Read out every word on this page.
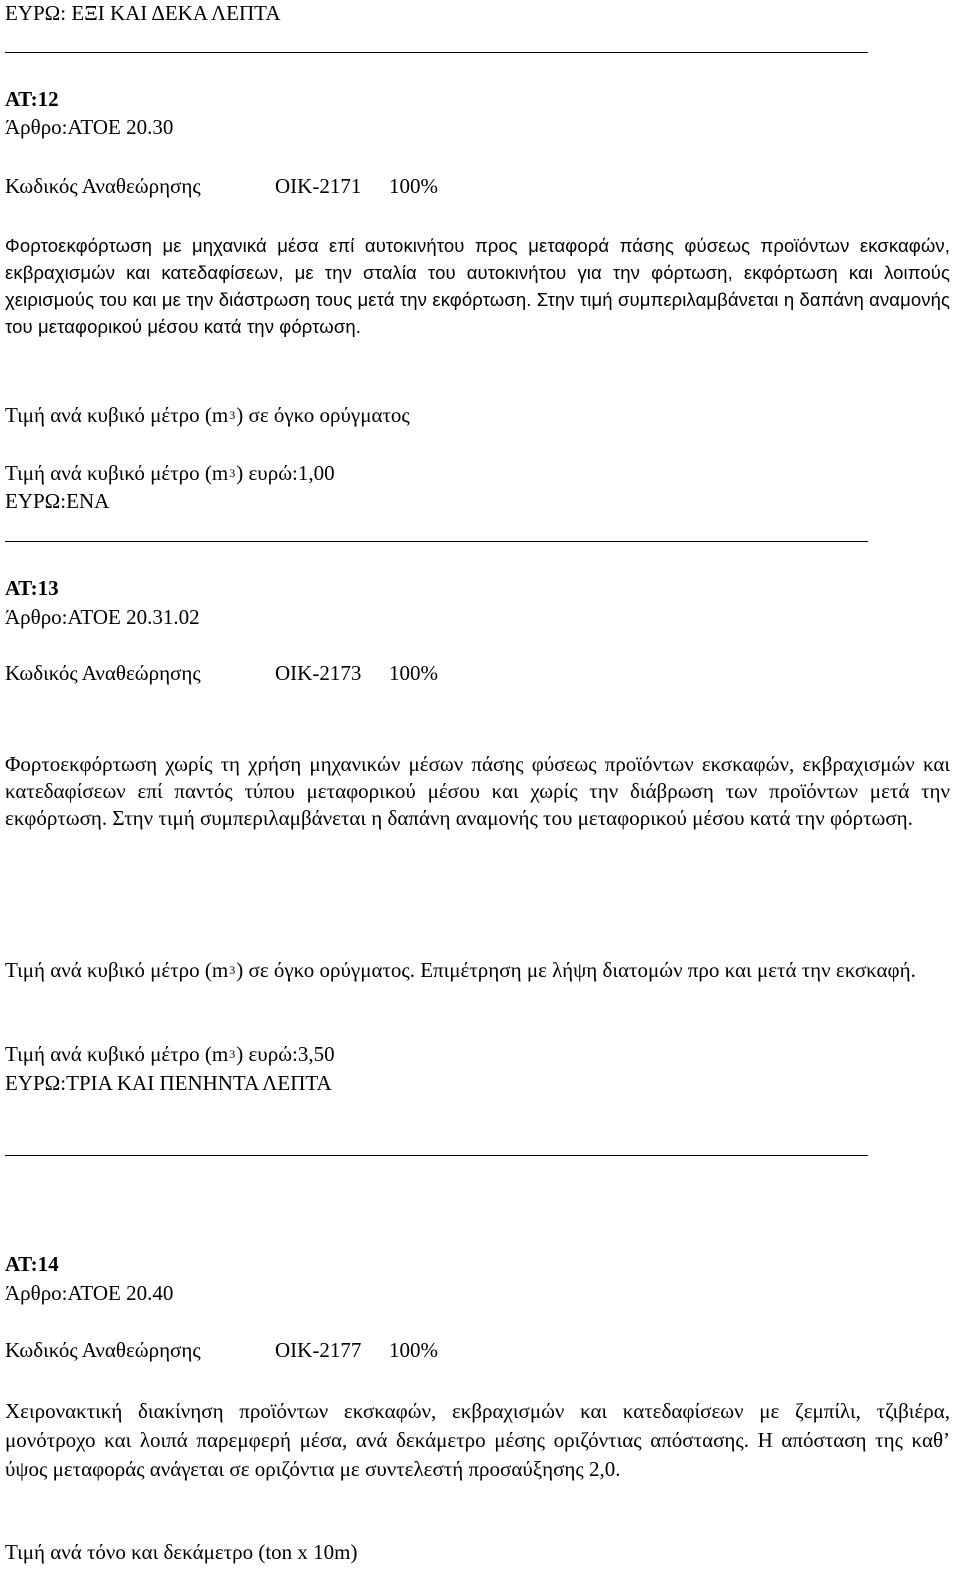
ΕΥΡΩ: ΕΞΙ ΚΑΙ ΔΕΚΑ ΛΕΠΤΑ
ΑΤ:12
Άρθρο:ΑΤΟΕ 20.30
Κωδικός Αναθεώρησης	ΟΙΚ-2171 100%
Φορτοεκφόρτωση με μηχανικά μέσα επί αυτοκινήτου προς μεταφορά πάσης φύσεως προϊόντων εκσκαφών, εκβραχισμών και κατεδαφίσεων, με την σταλία του αυτοκινήτου για την φόρτωση, εκφόρτωση και λοιπούς χειρισμούς του και με την διάστρωση τους μετά την εκφόρτωση. Στην τιμή συμπεριλαμβάνεται η δαπάνη αναμονής του μεταφορικού μέσου κατά την φόρτωση.
Τιμή ανά κυβικό μέτρο $(m^3)$ σε όγκο ορύγματος
Τιμή ανά κυβικό μέτρο $(m^3)$ ευρώ:1,00
ΕΥΡΩ:ΕΝΑ
ΑΤ:13
Άρθρο:ΑΤΟΕ 20.31.02
Κωδικός Αναθεώρησης	ΟΙΚ-2173 100%
Φορτοεκφόρτωση χωρίς τη χρήση μηχανικών μέσων πάσης φύσεως προϊόντων εκσκαφών, εκβραχισμών και κατεδαφίσεων επί παντός τύπου μεταφορικού μέσου και χωρίς την διάβρωση των προϊόντων μετά την εκφόρτωση. Στην τιμή συμπεριλαμβάνεται η δαπάνη αναμονής του μεταφορικού μέσου κατά την φόρτωση.
Τιμή ανά κυβικό μέτρο $(m^3)$ σε όγκο ορύγματος. Επιμέτρηση με λήψη διατομών προ και μετά την εκσκαφή.
Τιμή ανά κυβικό μέτρο $(m^3)$ ευρώ:3,50
ΕΥΡΩ:ΤΡΙΑ ΚΑΙ ΠΕΝΗΝΤΑ ΛΕΠΤΑ
ΑΤ:14
Άρθρο:ΑΤΟΕ 20.40
Κωδικός Αναθεώρησης	ΟΙΚ-2177 100%
Χειρονακτική διακίνηση προϊόντων εκσκαφών, εκβραχισμών και κατεδαφίσεων με ζεμπίλι, τζιβιέρα, μονότροχο και λοιπά παρεμφερή μέσα, ανά δεκάμετρο μέσης οριζόντιας απόστασης. Η απόσταση της καθ’ ύψος μεταφοράς ανάγεται σε οριζόντια με συντελεστή προσαύξησης 2,0.
Τιμή ανά τόνο και δεκάμετρο (ton x 10m)
